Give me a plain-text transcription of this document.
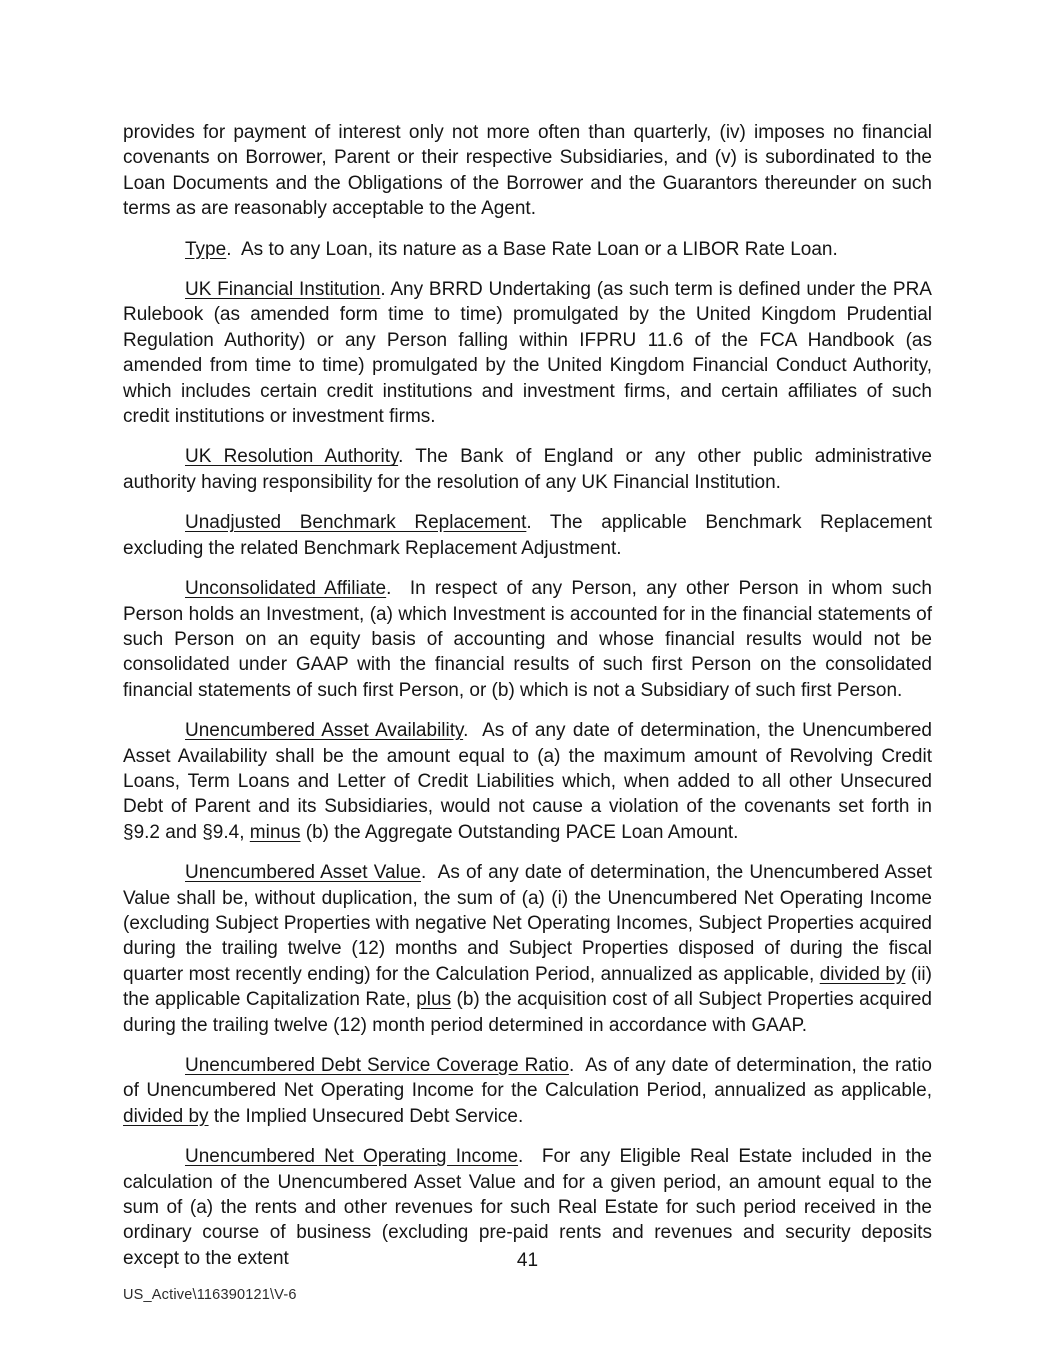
provides for payment of interest only not more often than quarterly, (iv) imposes no financial covenants on Borrower, Parent or their respective Subsidiaries, and (v) is subordinated to the Loan Documents and the Obligations of the Borrower and the Guarantors thereunder on such terms as are reasonably acceptable to the Agent.

Type.  As to any Loan, its nature as a Base Rate Loan or a LIBOR Rate Loan.

UK Financial Institution. Any BRRD Undertaking (as such term is defined under the PRA Rulebook (as amended form time to time) promulgated by the United Kingdom Prudential Regulation Authority) or any Person falling within IFPRU 11.6 of the FCA Handbook (as amended from time to time) promulgated by the United Kingdom Financial Conduct Authority, which includes certain credit institutions and investment firms, and certain affiliates of such credit institutions or investment firms.

UK Resolution Authority. The Bank of England or any other public administrative authority having responsibility for the resolution of any UK Financial Institution.

Unadjusted Benchmark Replacement. The applicable Benchmark Replacement excluding the related Benchmark Replacement Adjustment.

Unconsolidated Affiliate.  In respect of any Person, any other Person in whom such Person holds an Investment, (a) which Investment is accounted for in the financial statements of such Person on an equity basis of accounting and whose financial results would not be consolidated under GAAP with the financial results of such first Person on the consolidated financial statements of such first Person, or (b) which is not a Subsidiary of such first Person.

Unencumbered Asset Availability.  As of any date of determination, the Unencumbered Asset Availability shall be the amount equal to (a) the maximum amount of Revolving Credit Loans, Term Loans and Letter of Credit Liabilities which, when added to all other Unsecured Debt of Parent and its Subsidiaries, would not cause a violation of the covenants set forth in §9.2 and §9.4, minus (b) the Aggregate Outstanding PACE Loan Amount.

Unencumbered Asset Value.  As of any date of determination, the Unencumbered Asset Value shall be, without duplication, the sum of (a) (i) the Unencumbered Net Operating Income (excluding Subject Properties with negative Net Operating Incomes, Subject Properties acquired during the trailing twelve (12) months and Subject Properties disposed of during the fiscal quarter most recently ending) for the Calculation Period, annualized as applicable, divided by (ii) the applicable Capitalization Rate, plus (b) the acquisition cost of all Subject Properties acquired during the trailing twelve (12) month period determined in accordance with GAAP.

Unencumbered Debt Service Coverage Ratio.  As of any date of determination, the ratio of Unencumbered Net Operating Income for the Calculation Period, annualized as applicable, divided by the Implied Unsecured Debt Service.

Unencumbered Net Operating Income.  For any Eligible Real Estate included in the calculation of the Unencumbered Asset Value and for a given period, an amount equal to the sum of (a) the rents and other revenues for such Real Estate for such period received in the ordinary course of business (excluding pre-paid rents and revenues and security deposits except to the extent	41
US_Active\116390121\V-6
